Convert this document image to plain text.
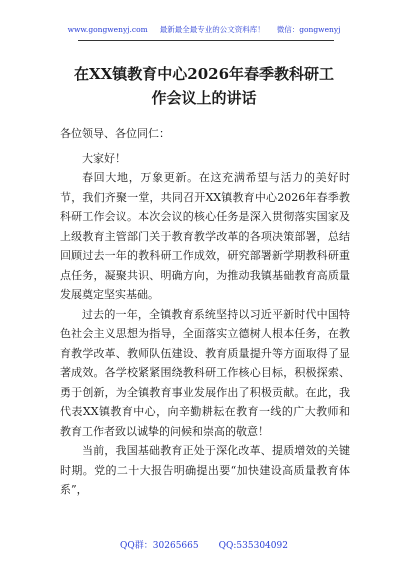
www.gongwenyj.com 最新最全最专业的公文资料库！ 微信：gongwenyj
在XX镇教育中心2026年春季教科研工
作会议上的讲话

各位领导、各位同仁：

大家好！

春回大地，万象更新。在这充满希望与活力的美好时节，我们齐聚一堂，共同召开XX镇教育中心2026年春季教科研工作会议。本次会议的核心任务是深入贯彻落实国家及上级教育主管部门关于教育教学改革的各项决策部署，总结回顾过去一年的教科研工作成效，研究部署新学期教科研重点任务，凝聚共识、明确方向，为推动我镇基础教育高质量发展奠定坚实基础。

过去的一年，全镇教育系统坚持以习近平新时代中国特色社会主义思想为指导，全面落实立德树人根本任务，在教育教学改革、教师队伍建设、教育质量提升等方面取得了显著成效。各学校紧紧围绕教科研工作核心目标，积极探索、勇于创新，为全镇教育事业发展作出了积极贡献。在此，我代表XX镇教育中心，向辛勤耕耘在教育一线的广大教师和教育工作者致以诚挚的问候和崇高的敬意！

当前，我国基础教育正处于深化改革、提质增效的关键时期。党的二十大报告明确提出要“加快建设高质量教育体系”，

QQ群：30265665 QQ:535304092
